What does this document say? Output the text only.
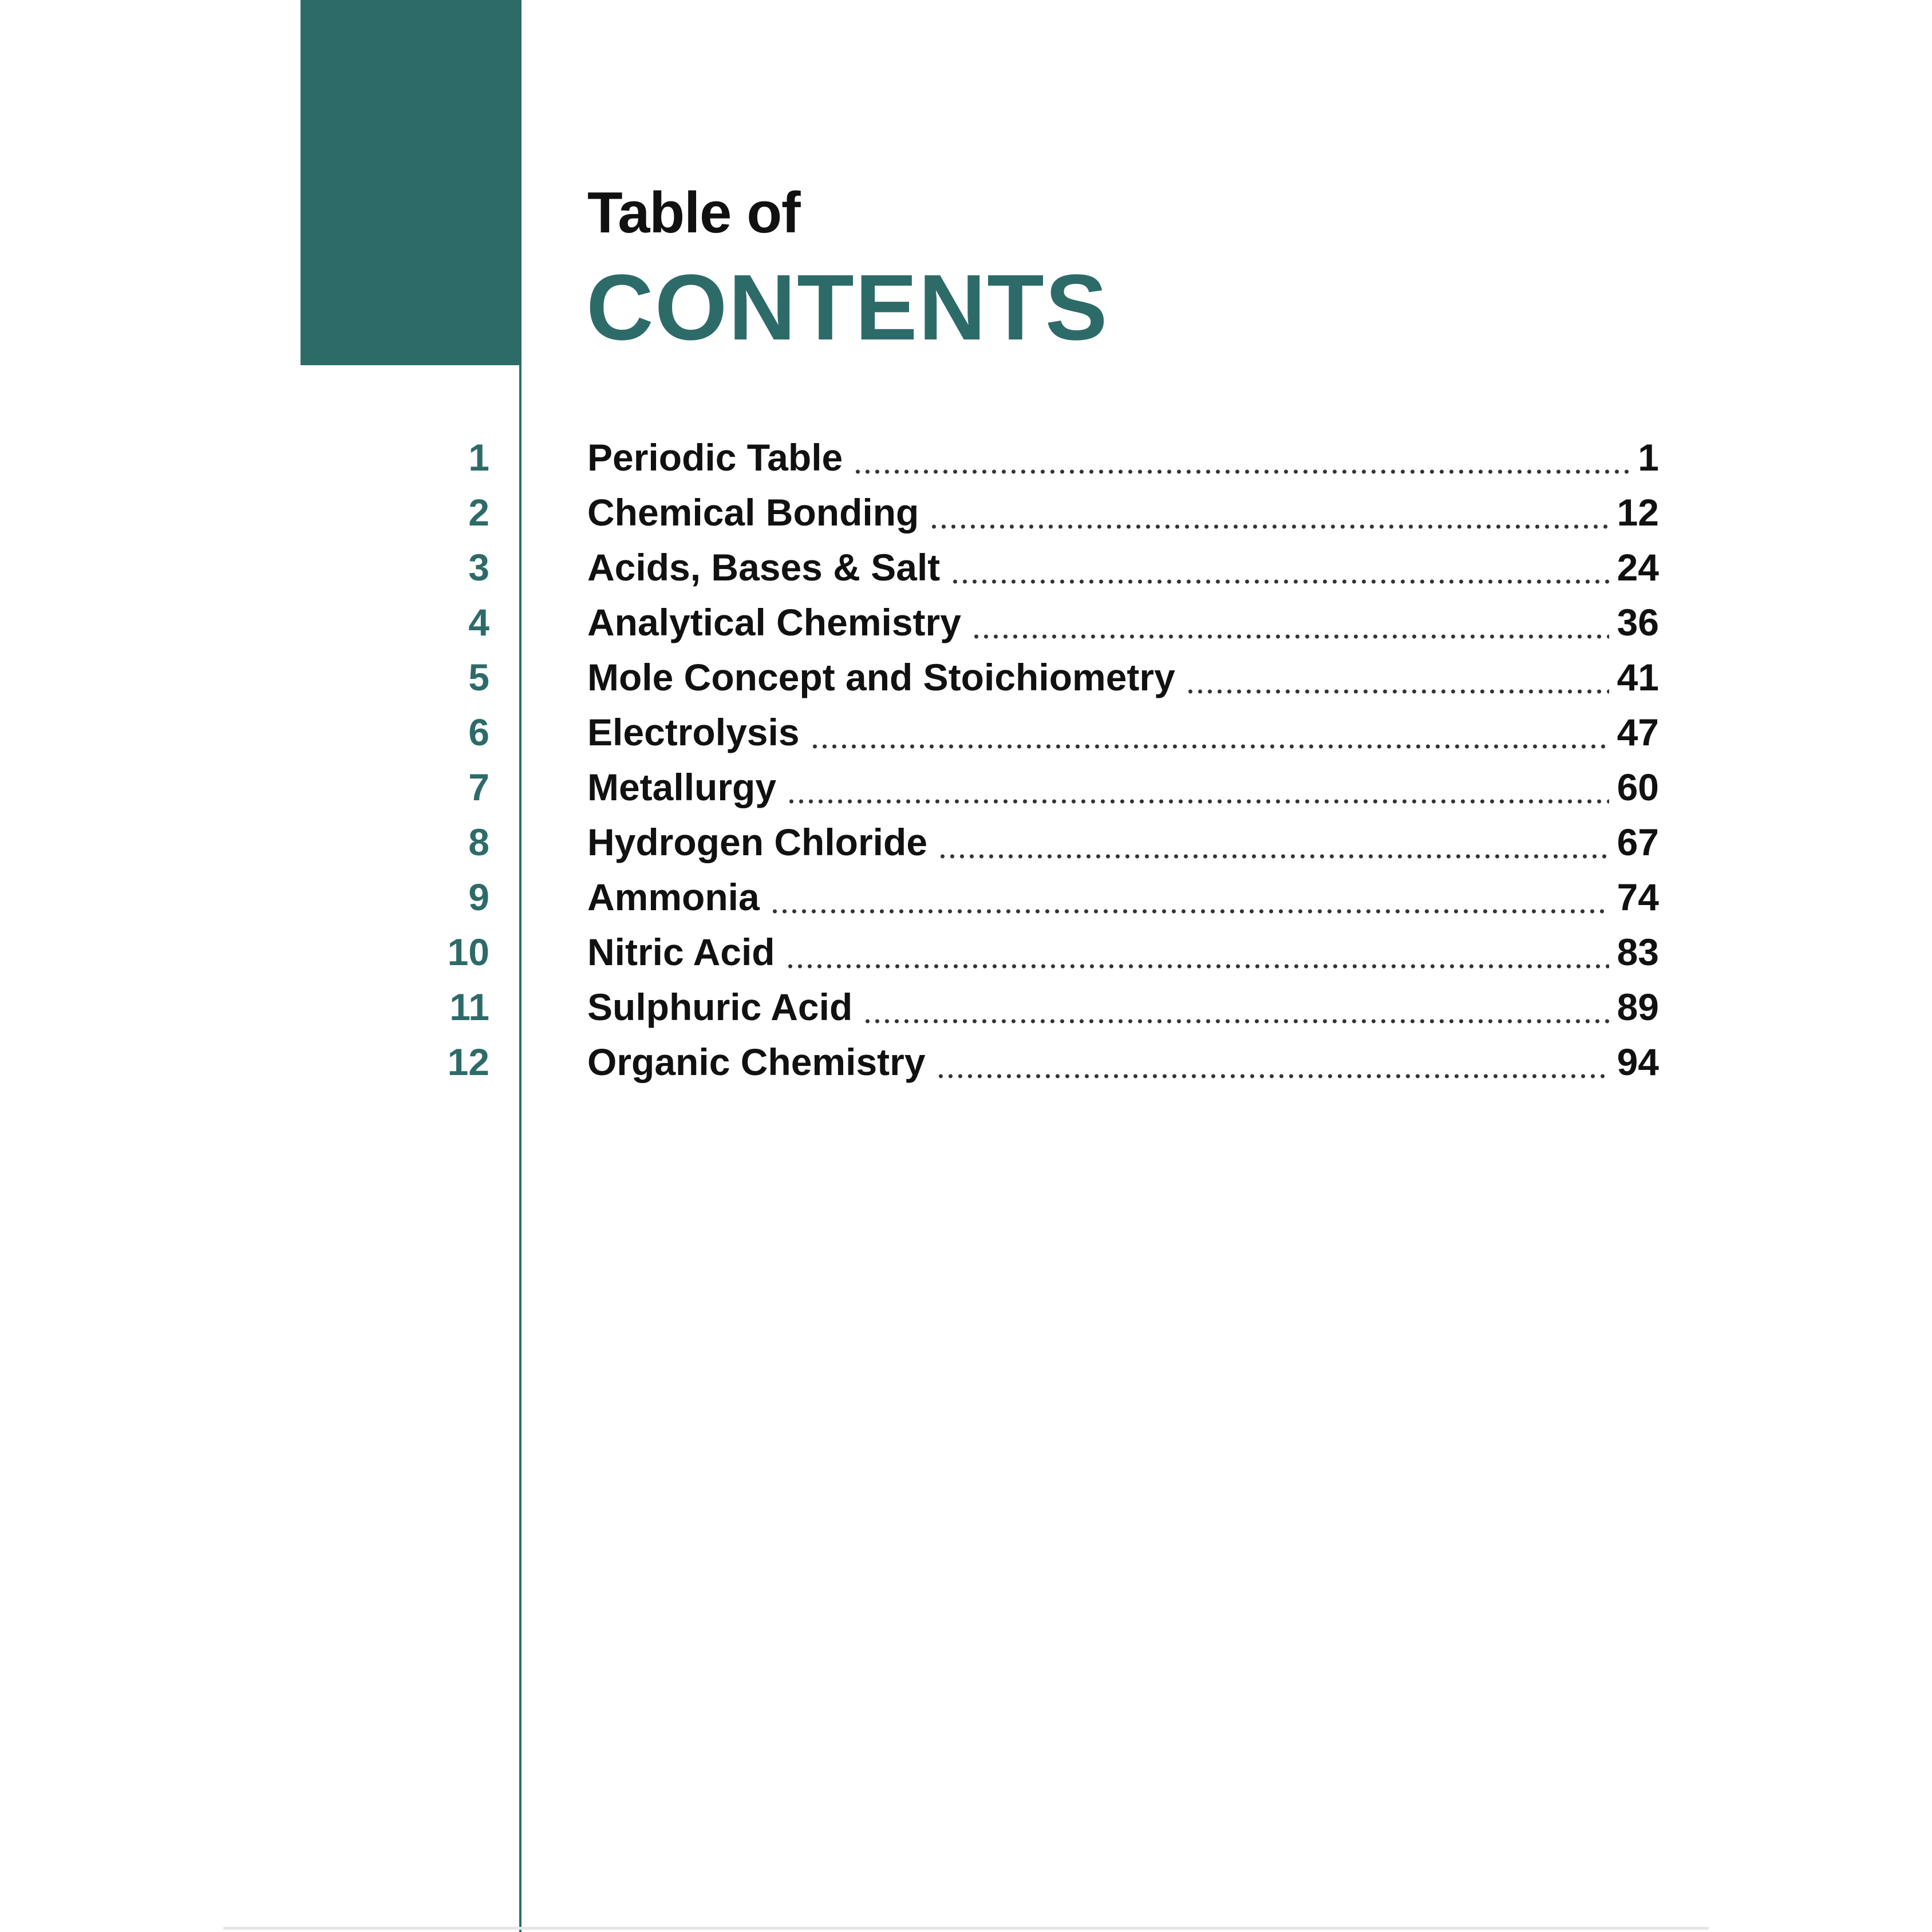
Table of
CONTENTS
1	Periodic Table	1
2	Chemical Bonding	12
3	Acids, Bases & Salt	24
4	Analytical Chemistry	36
5	Mole Concept and Stoichiometry	41
6	Electrolysis	47
7	Metallurgy	60
8	Hydrogen Chloride	67
9	Ammonia	74
10	Nitric Acid	83
11	Sulphuric Acid	89
12	Organic Chemistry	94
